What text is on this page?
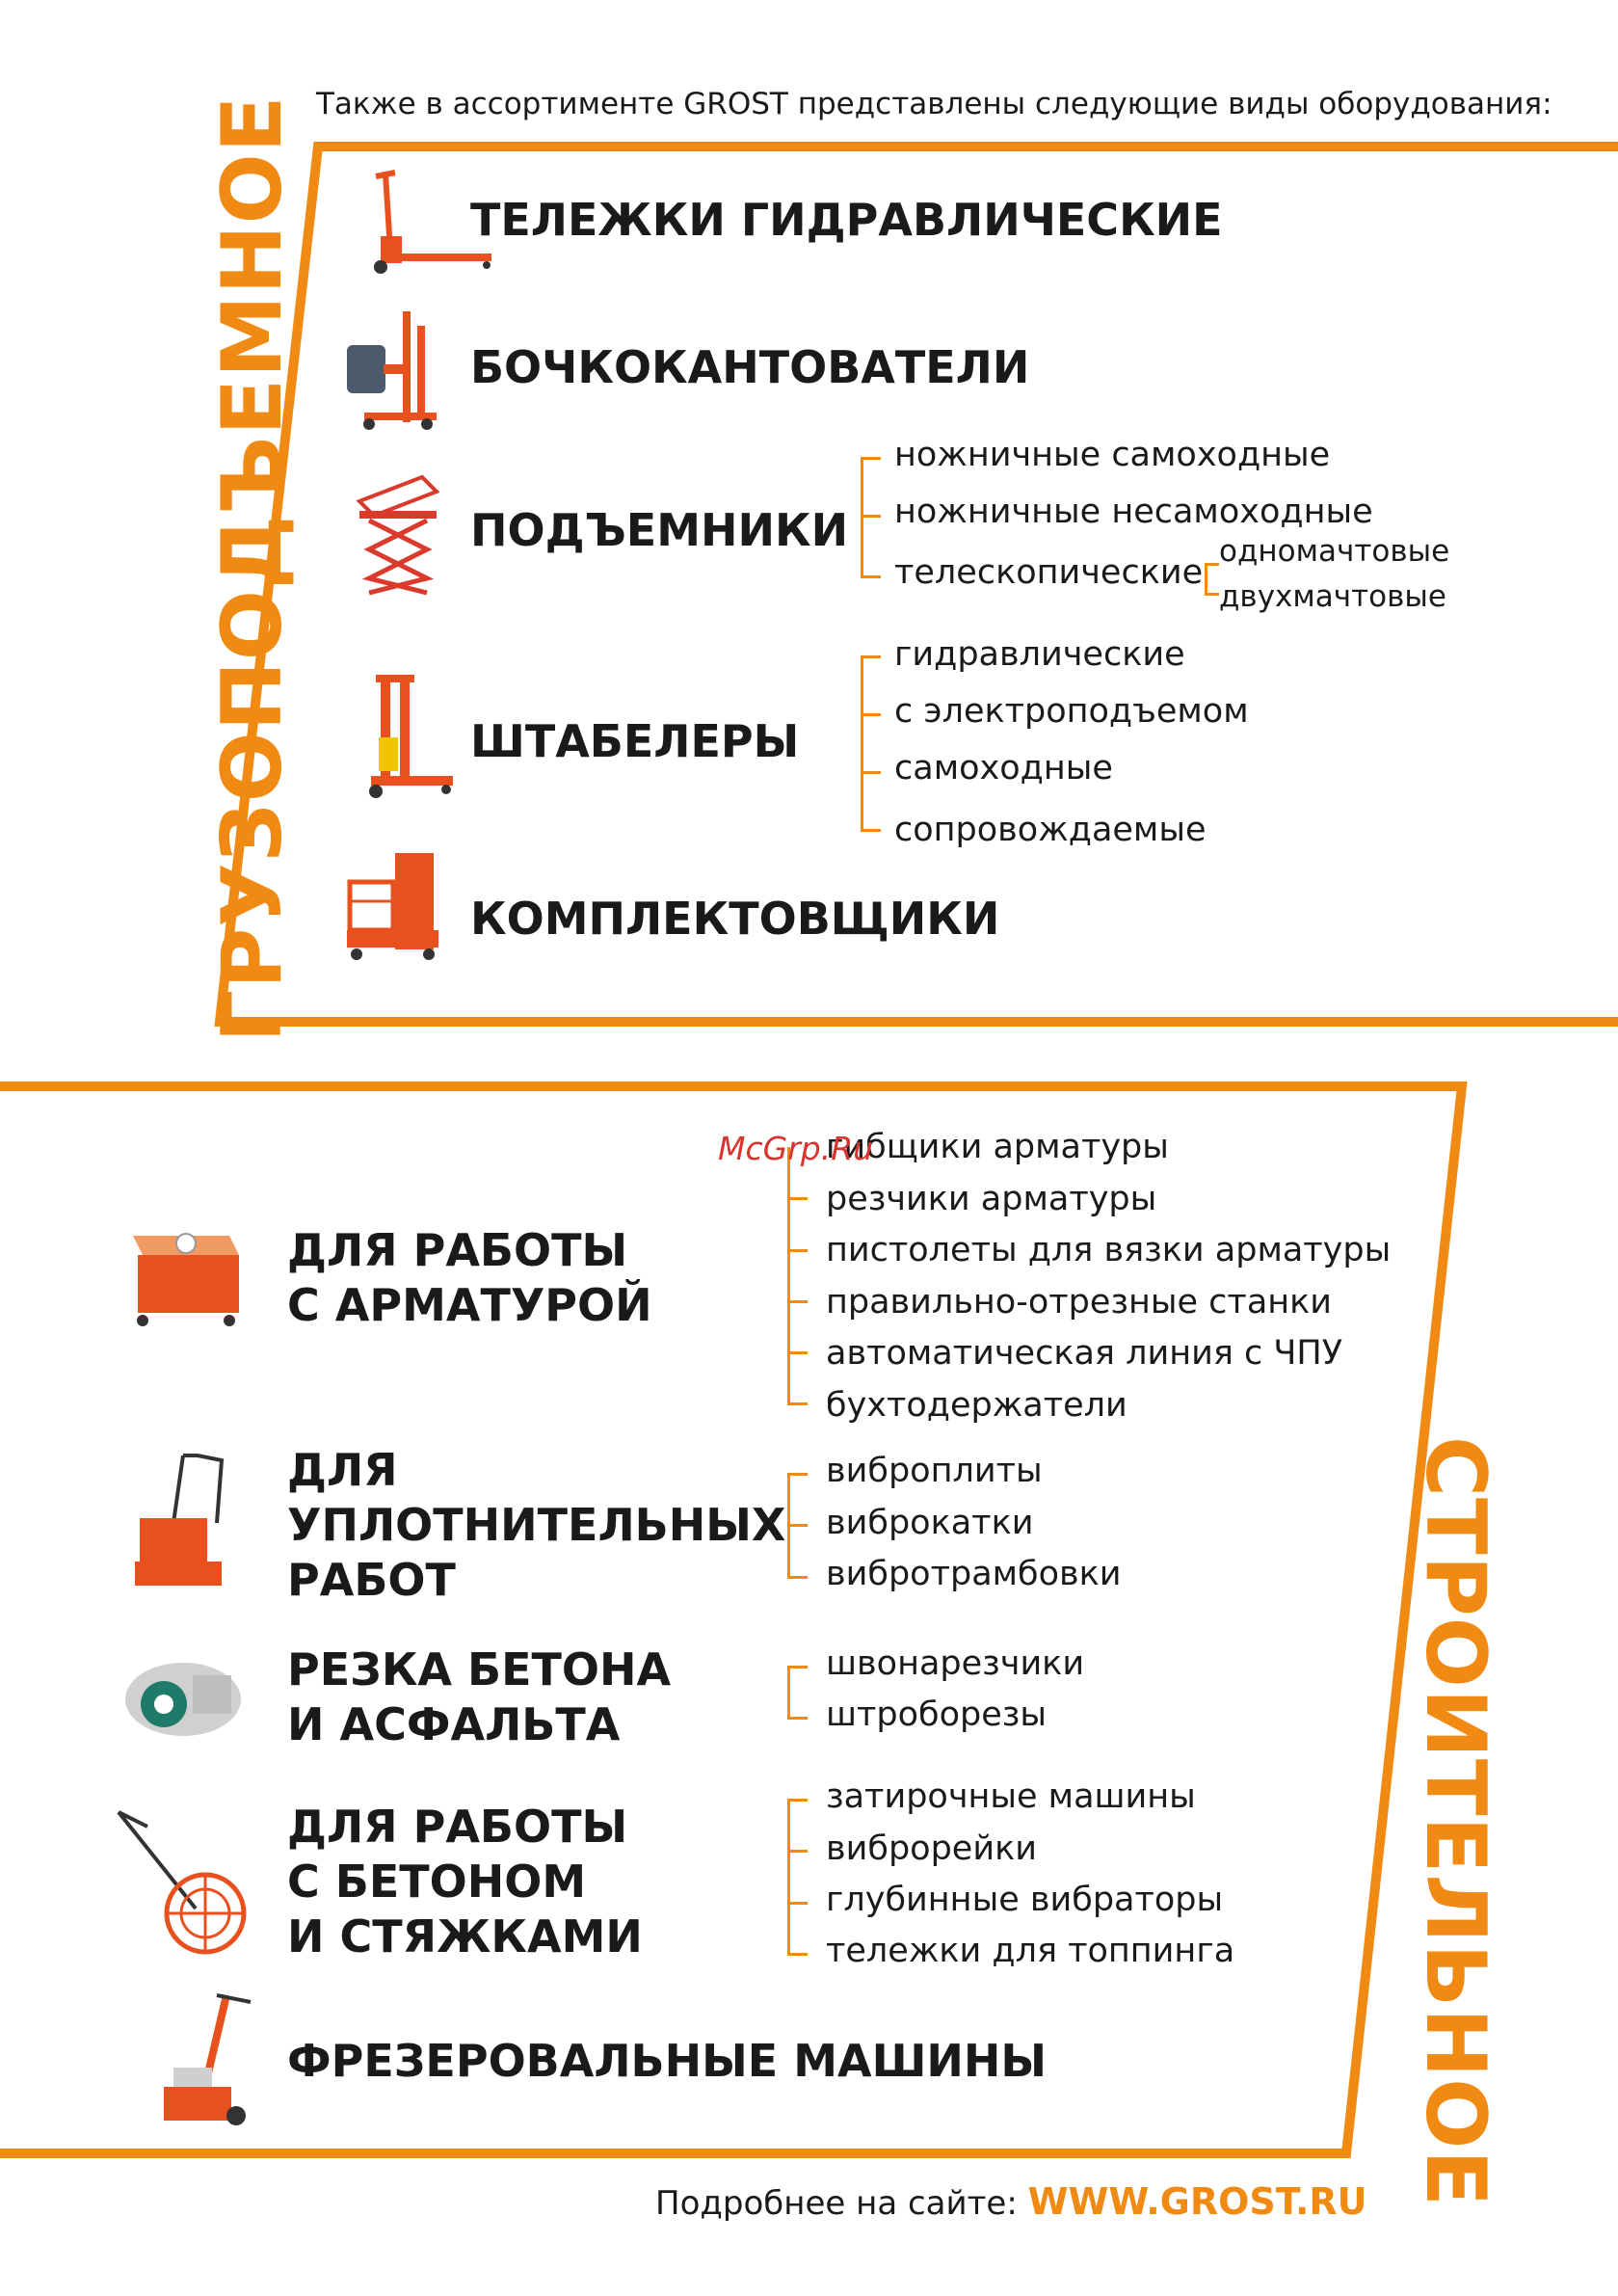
Также в ассортименте GROST представлены следующие виды оборудования:
ГРУЗОПОДЪЕМНОЕ
СТРОИТЕЛЬНОЕ
ТЕЛЕЖКИ ГИДРАВЛИЧЕСКИЕ
БОЧКОКАНТОВАТЕЛИ
ПОДЪЕМНИКИ
ШТАБЕЛЕРЫ
КОМПЛЕКТОВЩИКИ
ножничные самоходные
ножничные несамоходные
телескопические
одномачтовые
двухмачтовые
гидравлические
с электроподъемом
самоходные
сопровождаемые
ДЛЯ РАБОТЫ
С АРМАТУРОЙ
ДЛЯ
УПЛОТНИТЕЛЬНЫХ
РАБОТ
РЕЗКА БЕТОНА
И АСФАЛЬТА
ДЛЯ РАБОТЫ
С БЕТОНОМ
И СТЯЖКАМИ
ФРЕЗЕРОВАЛЬНЫЕ МАШИНЫ
гибщики арматуры
резчики арматуры
пистолеты для вязки арматуры
правильно-отрезные станки
автоматическая линия с ЧПУ
бухтодержатели
виброплиты
виброкатки
вибротрамбовки
швонарезчики
штроборезы
затирочные машины
виброрейки
глубинные вибраторы
тележки для топпинга
McGrp.Ru
Подробнее на сайте: WWW.GROST.RU
